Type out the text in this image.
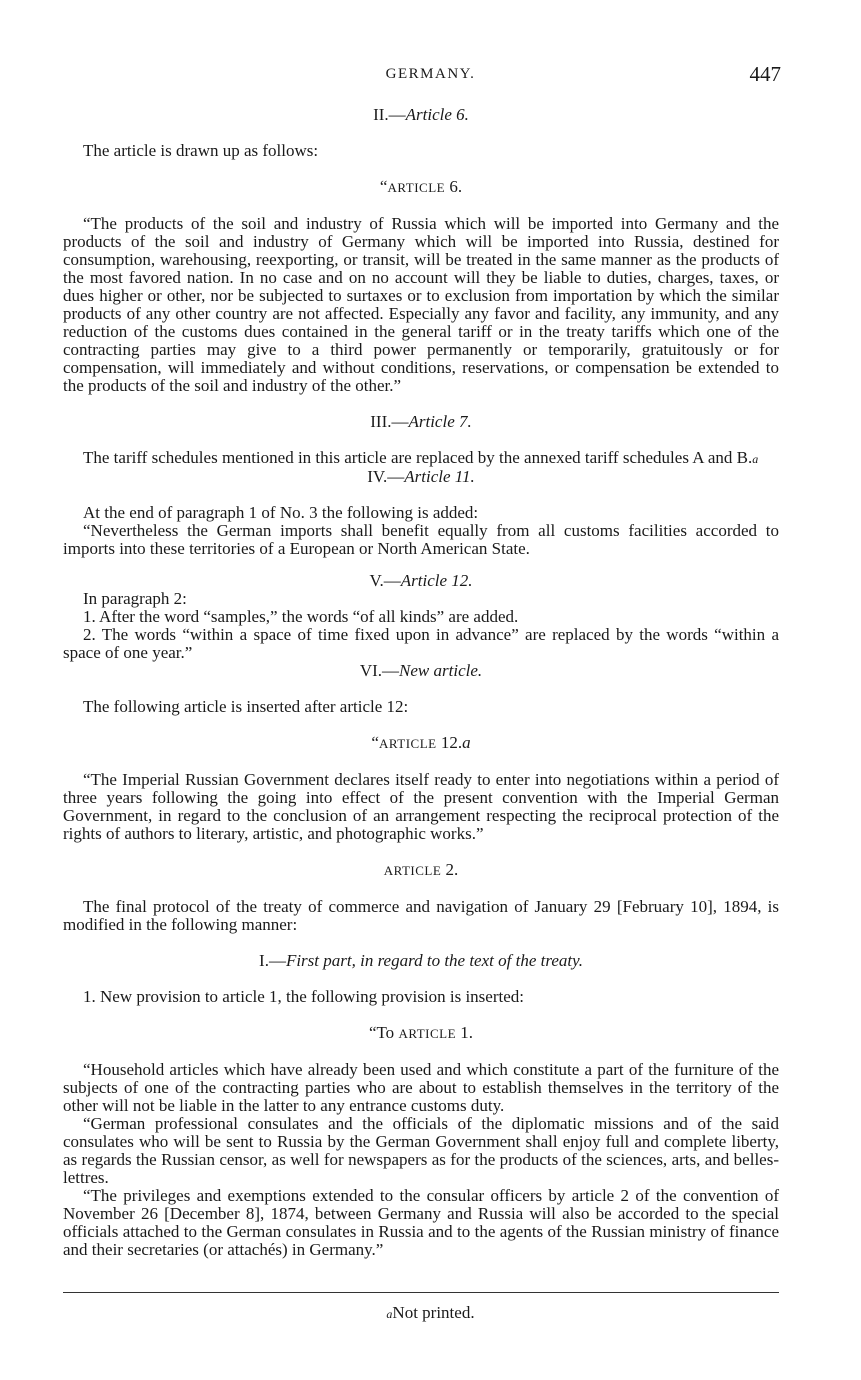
GERMANY.	447

II.—Article 6.

The article is drawn up as follows:

“ARTICLE 6.

“The products of the soil and industry of Russia which will be imported into Germany and the products of the soil and industry of Germany which will be imported into Russia, destined for consumption, warehousing, reexporting, or transit, will be treated in the same manner as the products of the most favored nation. In no case and on no account will they be liable to duties, charges, taxes, or dues higher or other, nor be subjected to surtaxes or to exclusion from importation by which the similar products of any other country are not affected. Especially any favor and facility, any immunity, and any reduction of the customs dues contained in the general tariff or in the treaty tariffs which one of the contracting parties may give to a third power permanently or temporarily, gratuitously or for compensation, will immediately and without conditions, reservations, or compensation be extended to the products of the soil and industry of the other.”

III.—Article 7.

The tariff schedules mentioned in this article are replaced by the annexed tariff schedules A and B.a

IV.—Article 11.

At the end of paragraph 1 of No. 3 the following is added:

“Nevertheless the German imports shall benefit equally from all customs facilities accorded to imports into these territories of a European or North American State.

V.—Article 12.

In paragraph 2:

1. After the word “samples,” the words “of all kinds” are added.

2. The words “within a space of time fixed upon in advance” are replaced by the words “within a space of one year.”

VI.—New article.

The following article is inserted after article 12:

“ARTICLE 12.a

“The Imperial Russian Government declares itself ready to enter into negotiations within a period of three years following the going into effect of the present convention with the Imperial German Government, in regard to the conclusion of an arrangement respecting the reciprocal protection of the rights of authors to literary, artistic, and photographic works.”

ARTICLE 2.

The final protocol of the treaty of commerce and navigation of January 29 [February 10], 1894, is modified in the following manner:

I.—First part, in regard to the text of the treaty.

1. New provision to article 1, the following provision is inserted:

“To ARTICLE 1.

“Household articles which have already been used and which constitute a part of the furniture of the subjects of one of the contracting parties who are about to establish themselves in the territory of the other will not be liable in the latter to any entrance customs duty.

“German professional consulates and the officials of the diplomatic missions and of the said consulates who will be sent to Russia by the German Government shall enjoy full and complete liberty, as regards the Russian censor, as well for newspapers as for the products of the sciences, arts, and belles-lettres.

“The privileges and exemptions extended to the consular officers by article 2 of the convention of November 26 [December 8], 1874, between Germany and Russia will also be accorded to the special officials attached to the German consulates in Russia and to the agents of the Russian ministry of finance and their secretaries (or attachés) in Germany.”

aNot printed.
